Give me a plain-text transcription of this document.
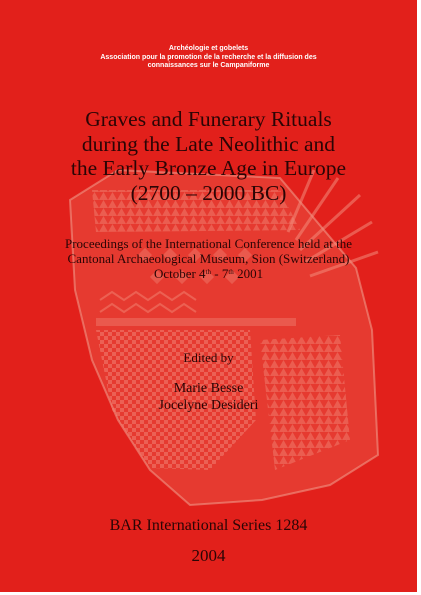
Archéologie et gobelets
Association pour la promotion de la recherche et la diffusion des
connaissances sur le Campaniforme
Graves and Funerary Rituals
during the Late Neolithic and
the Early Bronze Age in Europe
(2700 – 2000 BC)
Proceedings of the International Conference held at the
Cantonal Archaeological Museum, Sion (Switzerland)
October 4th - 7th 2001
Edited by
Marie Besse
Jocelyne Desideri
BAR International Series 1284
2004
